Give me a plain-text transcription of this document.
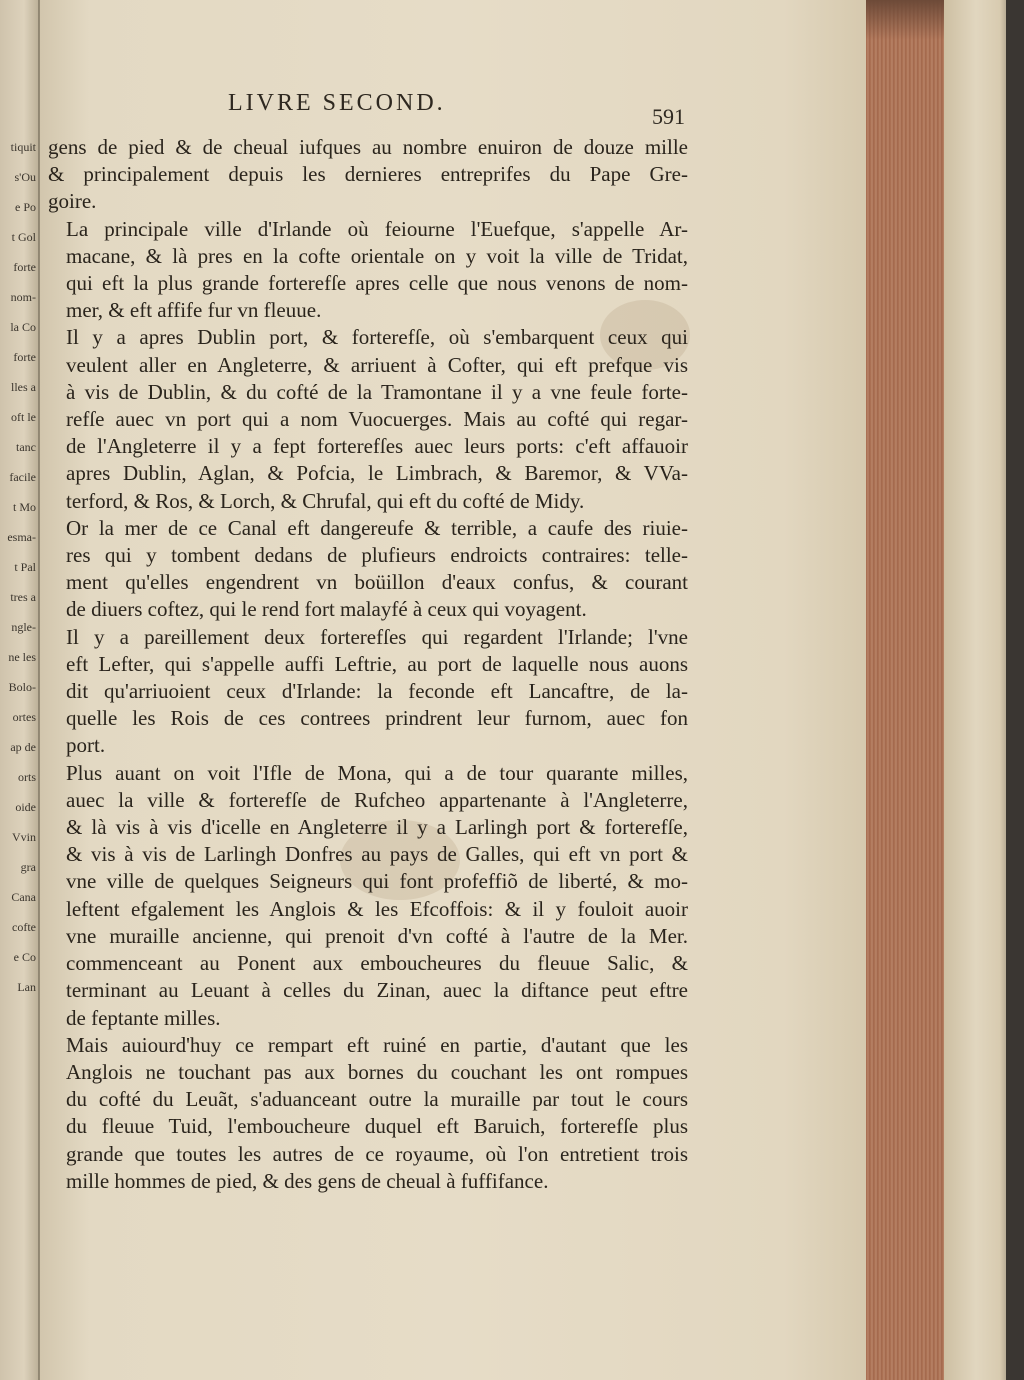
tiquit
s'Ou
e Po
t Gol
forte
nom-
la Co
forte
lles a
oft le
tanc
facile
t Mo
esma-
t Pal
tres a
ngle-
ne les
Bolo-
ortes
ap de
orts
oide
Vvin
gra
Cana
cofte
e Co
Lan
LIVRE SECOND.
591

gens de pied & de cheual iufques au nombre enuiron de douze mille
& principalement depuis les dernieres entreprifes du Pape Gre-
goire.

La principale ville d'Irlande où feiourne l'Euefque, s'appelle Ar-
macane, & là pres en la cofte orientale on y voit la ville de Tridat,
qui eft la plus grande forterefſe apres celle que nous venons de nom-
mer, & eft affife fur vn fleuue.

Il y a apres Dublin port, & forterefſe, où s'embarquent ceux qui
veulent aller en Angleterre, & arriuent à Cofter, qui eft prefque vis
à vis de Dublin, & du cofté de la Tramontane il y a vne feule forte-
refſe auec vn port qui a nom Vuocuerges. Mais au cofté qui regar-
de l'Angleterre il y a fept forterefſes auec leurs ports: c'eft affauoir
apres Dublin, Aglan, & Pofcia, le Limbrach, & Baremor, & VVa-
terford, & Ros, & Lorch, & Chrufal, qui eft du cofté de Midy.

Or la mer de ce Canal eft dangereufe & terrible, a caufe des riuie-
res qui y tombent dedans de plufieurs endroicts contraires: telle-
ment qu'elles engendrent vn boüillon d'eaux confus, & courant
de diuers coftez, qui le rend fort malayfé à ceux qui voyagent.

Il y a pareillement deux forterefſes qui regardent l'Irlande; l'vne
eft Lefter, qui s'appelle auffi Leftrie, au port de laquelle nous auons
dit qu'arriuoient ceux d'Irlande: la feconde eft Lancaftre, de la-
quelle les Rois de ces contrees prindrent leur furnom, auec fon
port.

Plus auant on voit l'Ifle de Mona, qui a de tour quarante milles,
auec la ville & forterefſe de Rufcheo appartenante à l'Angleterre,
& là vis à vis d'icelle en Angleterre il y a Larlingh port & forterefſe,
& vis à vis de Larlingh Donfres au pays de Galles, qui eft vn port &
vne ville de quelques Seigneurs qui font profeffiõ de liberté, & mo-
leftent efgalement les Anglois & les Efcoffois: & il y fouloit auoir
vne muraille ancienne, qui prenoit d'vn cofté à l'autre de la Mer.
commenceant au Ponent aux emboucheures du fleuue Salic, &
terminant au Leuant à celles du Zinan, auec la diftance peut eftre
de feptante milles.

Mais auiourd'huy ce rempart eft ruiné en partie, d'autant que les
Anglois ne touchant pas aux bornes du couchant les ont rompues
du cofté du Leuãt, s'aduanceant outre la muraille par tout le cours
du fleuue Tuid, l'emboucheure duquel eft Baruich, forterefſe plus
grande que toutes les autres de ce royaume, où l'on entretient trois
mille hommes de pied, & des gens de cheual à fuffifance.
